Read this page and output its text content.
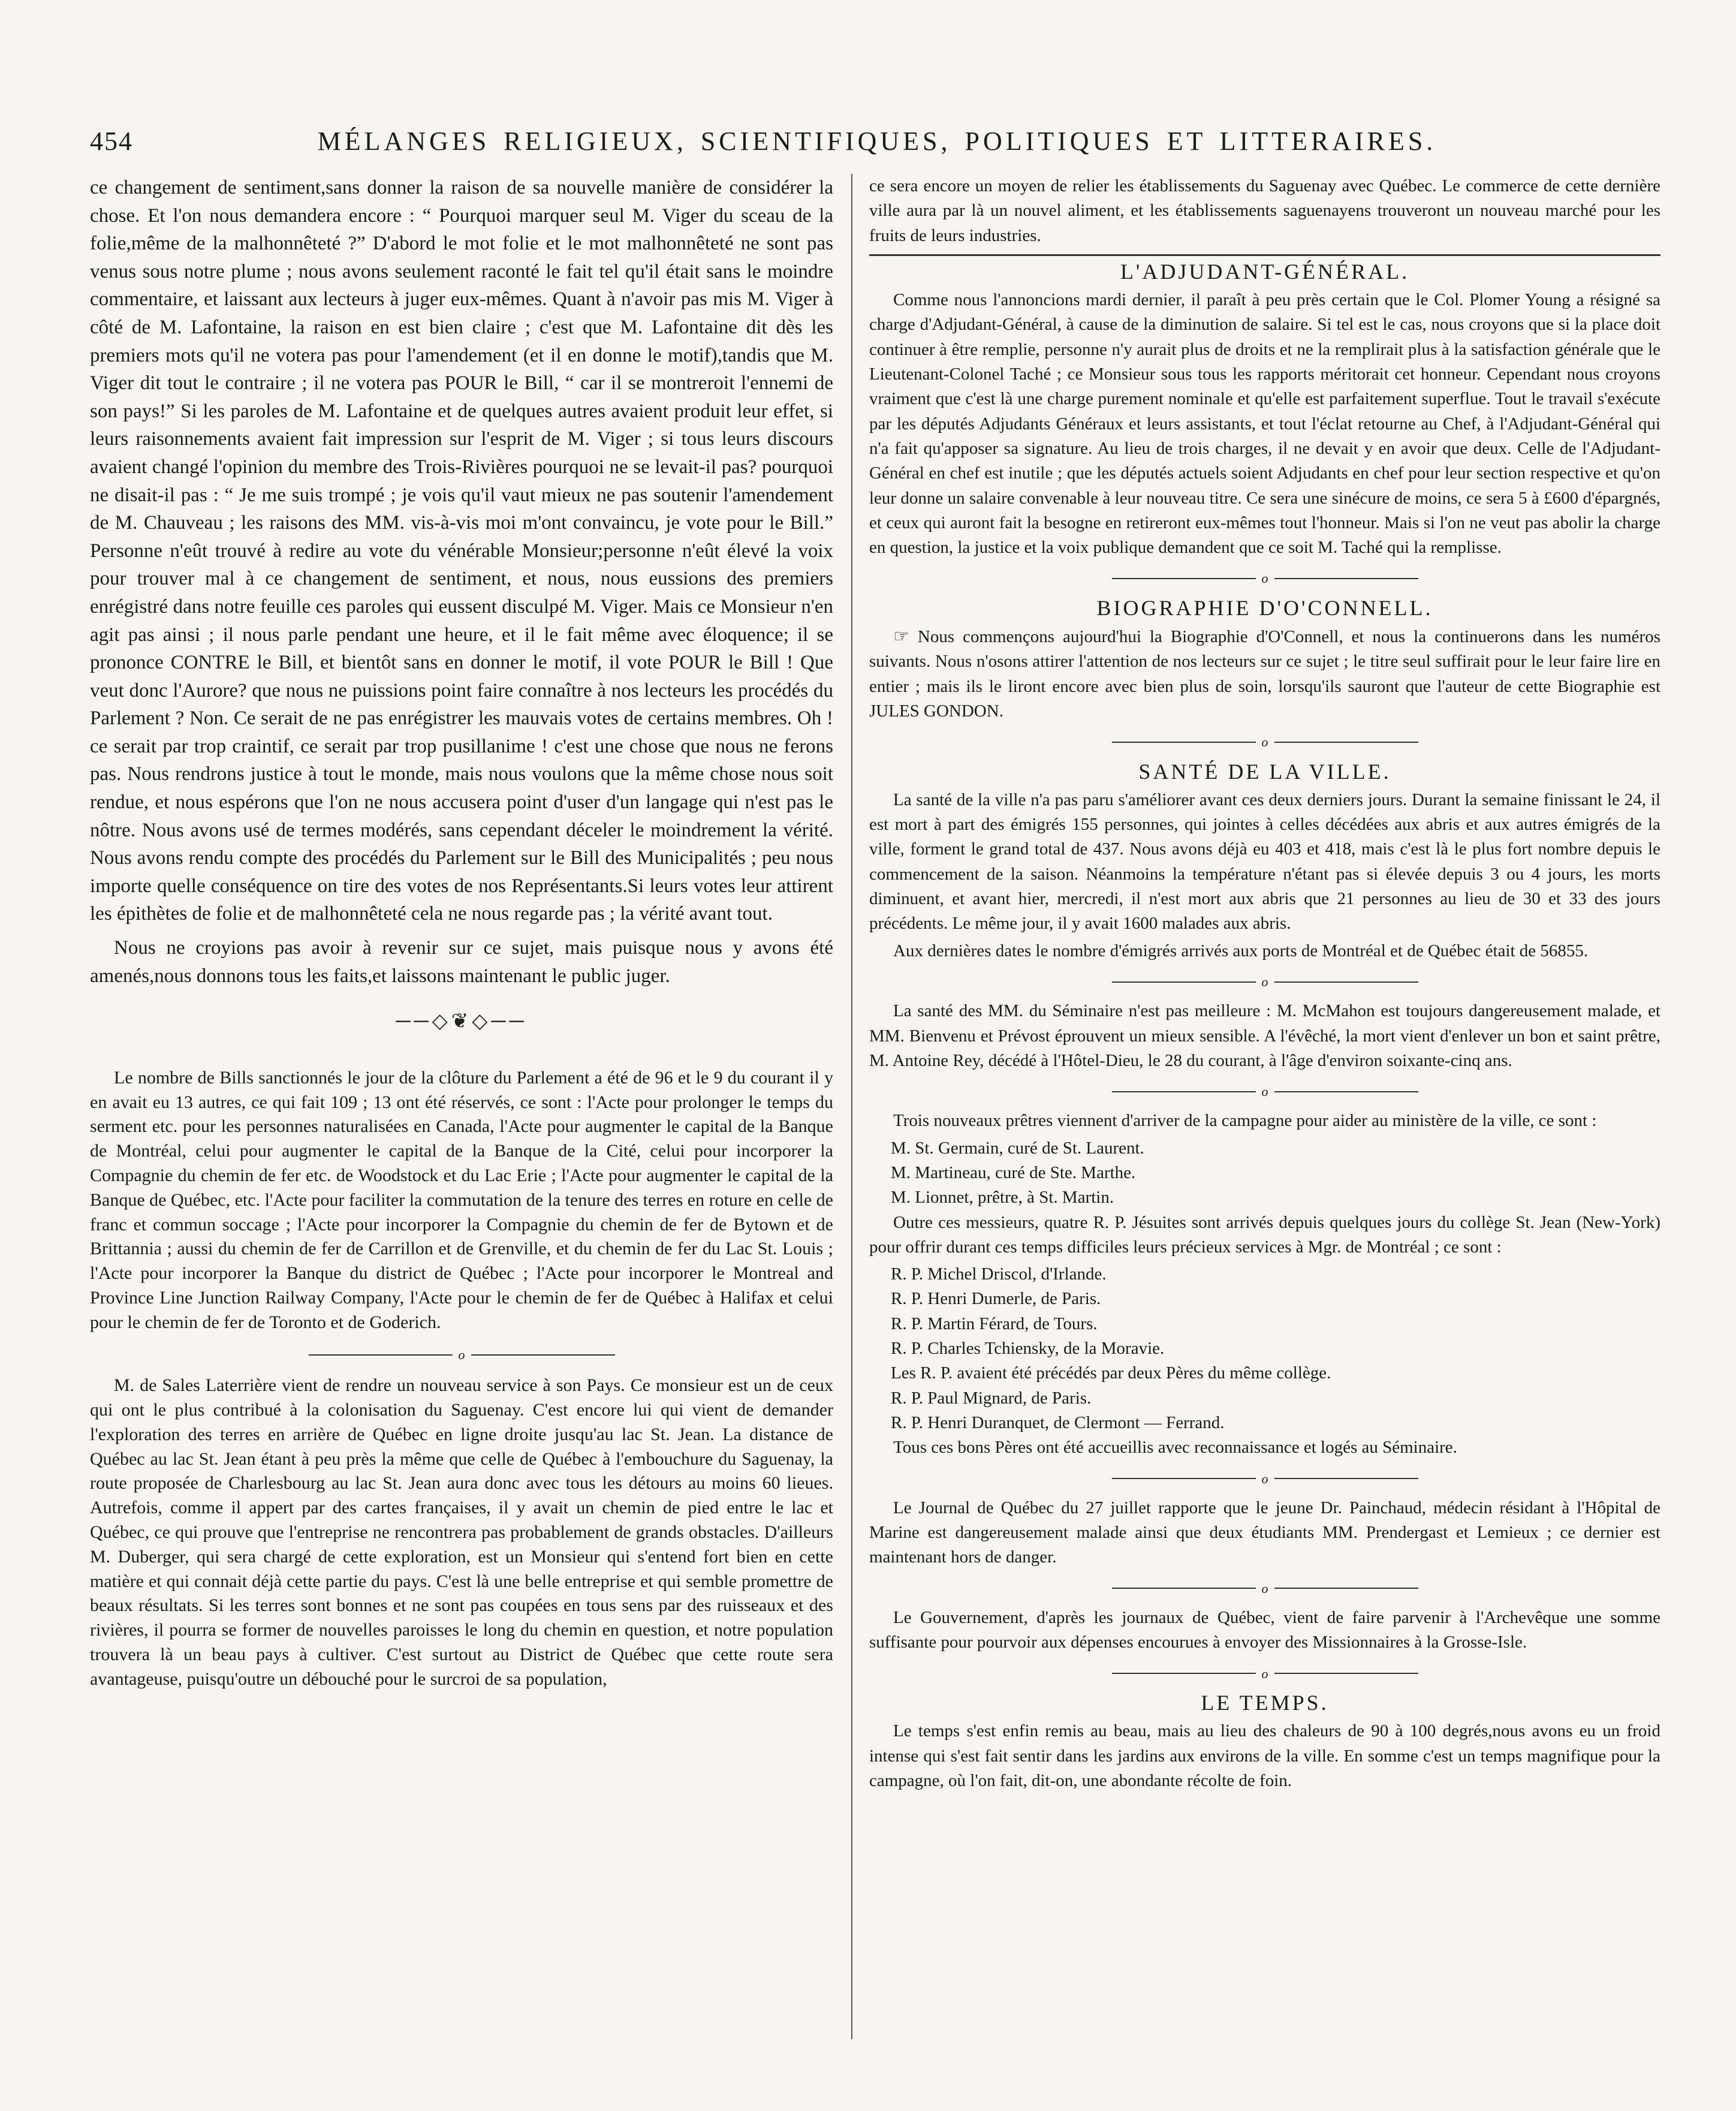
454	MÉLANGES RELIGIEUX, SCIENTIFIQUES, POLITIQUES ET LITTERAIRES.

ce changement de sentiment,sans donner la raison de sa nouvelle manière de considérer la chose. Et l'on nous demandera encore : “ Pourquoi marquer seul M. Viger du sceau de la folie,même de la malhonnêteté ?” D'abord le mot folie et le mot malhonnêteté ne sont pas venus sous notre plume ; nous avons seulement raconté le fait tel qu'il était sans le moindre commentaire, et laissant aux lecteurs à juger eux-mêmes. Quant à n'avoir pas mis M. Viger à côté de M. Lafontaine, la raison en est bien claire ; c'est que M. Lafontaine dit dès les premiers mots qu'il ne votera pas pour l'amendement (et il en donne le motif),tandis que M. Viger dit tout le contraire ; il ne votera pas POUR le Bill, “ car il se montreroit l'ennemi de son pays!” Si les paroles de M. Lafontaine et de quelques autres avaient produit leur effet, si leurs raisonnements avaient fait impression sur l'esprit de M. Viger ; si tous leurs discours avaient changé l'opinion du membre des Trois-Rivières pourquoi ne se levait-il pas? pourquoi ne disait-il pas : “ Je me suis trompé ; je vois qu'il vaut mieux ne pas soutenir l'amendement de M. Chauveau ; les raisons des MM. vis-à-vis moi m'ont convaincu, je vote pour le Bill.” Personne n'eût trouvé à redire au vote du vénérable Monsieur;personne n'eût élevé la voix pour trouver mal à ce changement de sentiment, et nous, nous eussions des premiers enrégistré dans notre feuille ces paroles qui eussent disculpé M. Viger. Mais ce Monsieur n'en agit pas ainsi ; il nous parle pendant une heure, et il le fait même avec éloquence; il se prononce CONTRE le Bill, et bientôt sans en donner le motif, il vote POUR le Bill ! Que veut donc l'Aurore? que nous ne puissions point faire connaître à nos lecteurs les procédés du Parlement ? Non. Ce serait de ne pas enrégistrer les mauvais votes de certains membres. Oh ! ce serait par trop craintif, ce serait par trop pusillanime ! c'est une chose que nous ne ferons pas. Nous rendrons justice à tout le monde, mais nous voulons que la même chose nous soit rendue, et nous espérons que l'on ne nous accusera point d'user d'un langage qui n'est pas le nôtre. Nous avons usé de termes modérés, sans cependant déceler le moindrement la vérité. Nous avons rendu compte des procédés du Parlement sur le Bill des Municipalités ; peu nous importe quelle conséquence on tire des votes de nos Représentants.Si leurs votes leur attirent les épithètes de folie et de malhonnêteté cela ne nous regarde pas ; la vérité avant tout.

Nous ne croyions pas avoir à revenir sur ce sujet, mais puisque nous y avons été amenés,nous donnons tous les faits,et laissons maintenant le public juger.

──◇❦◇──

Le nombre de Bills sanctionnés le jour de la clôture du Parlement a été de 96 et le 9 du courant il y en avait eu 13 autres, ce qui fait 109 ; 13 ont été réservés, ce sont : l'Acte pour prolonger le temps du serment etc. pour les personnes naturalisées en Canada, l'Acte pour augmenter le capital de la Banque de Montréal, celui pour augmenter le capital de la Banque de la Cité, celui pour incorporer la Compagnie du chemin de fer etc. de Woodstock et du Lac Erie ; l'Acte pour augmenter le capital de la Banque de Québec, etc. l'Acte pour faciliter la commutation de la tenure des terres en roture en celle de franc et commun soccage ; l'Acte pour incorporer la Compagnie du chemin de fer de Bytown et de Brittannia ; aussi du chemin de fer de Carrillon et de Grenville, et du chemin de fer du Lac St. Louis ; l'Acte pour incorporer la Banque du district de Québec ; l'Acte pour incorporer le Montreal and Province Line Junction Railway Company, l'Acte pour le chemin de fer de Québec à Halifax et celui pour le chemin de fer de Toronto et de Goderich.

o

M. de Sales Laterrière vient de rendre un nouveau service à son Pays. Ce monsieur est un de ceux qui ont le plus contribué à la colonisation du Saguenay. C'est encore lui qui vient de demander l'exploration des terres en arrière de Québec en ligne droite jusqu'au lac St. Jean. La distance de Québec au lac St. Jean étant à peu près la même que celle de Québec à l'embouchure du Saguenay, la route proposée de Charlesbourg au lac St. Jean aura donc avec tous les détours au moins 60 lieues. Autrefois, comme il appert par des cartes françaises, il y avait un chemin de pied entre le lac et Québec, ce qui prouve que l'entreprise ne rencontrera pas probablement de grands obstacles. D'ailleurs M. Duberger, qui sera chargé de cette exploration, est un Monsieur qui s'entend fort bien en cette matière et qui connait déjà cette partie du pays. C'est là une belle entreprise et qui semble promettre de beaux résultats. Si les terres sont bonnes et ne sont pas coupées en tous sens par des ruisseaux et des rivières, il pourra se former de nouvelles paroisses le long du chemin en question, et notre population trouvera là un beau pays à cultiver. C'est surtout au District de Québec que cette route sera avantageuse, puisqu'outre un débouché pour le surcroi de sa population,

ce sera encore un moyen de relier les établissements du Saguenay avec Québec. Le commerce de cette dernière ville aura par là un nouvel aliment, et les établissements saguenayens trouveront un nouveau marché pour les fruits de leurs industries.

L'ADJUDANT-GÉNÉRAL.

Comme nous l'annoncions mardi dernier, il paraît à peu près certain que le Col. Plomer Young a résigné sa charge d'Adjudant-Général, à cause de la diminution de salaire. Si tel est le cas, nous croyons que si la place doit continuer à être remplie, personne n'y aurait plus de droits et ne la remplirait plus à la satisfaction générale que le Lieutenant-Colonel Taché ; ce Monsieur sous tous les rapports méritorait cet honneur. Cependant nous croyons vraiment que c'est là une charge purement nominale et qu'elle est parfaitement superflue. Tout le travail s'exécute par les députés Adjudants Généraux et leurs assistants, et tout l'éclat retourne au Chef, à l'Adjudant-Général qui n'a fait qu'apposer sa signature. Au lieu de trois charges, il ne devait y en avoir que deux. Celle de l'Adjudant-Général en chef est inutile ; que les députés actuels soient Adjudants en chef pour leur section respective et qu'on leur donne un salaire convenable à leur nouveau titre. Ce sera une sinécure de moins, ce sera 5 à £600 d'épargnés, et ceux qui auront fait la besogne en retireront eux-mêmes tout l'honneur. Mais si l'on ne veut pas abolir la charge en question, la justice et la voix publique demandent que ce soit M. Taché qui la remplisse.

o
BIOGRAPHIE D'O'CONNELL.

☞ Nous commençons aujourd'hui la Biographie d'O'Connell, et nous la continuerons dans les numéros suivants. Nous n'osons attirer l'attention de nos lecteurs sur ce sujet ; le titre seul suffirait pour le leur faire lire en entier ; mais ils le liront encore avec bien plus de soin, lorsqu'ils sauront que l'auteur de cette Biographie est JULES GONDON.

o
SANTÉ DE LA VILLE.

La santé de la ville n'a pas paru s'améliorer avant ces deux derniers jours. Durant la semaine finissant le 24, il est mort à part des émigrés 155 personnes, qui jointes à celles décédées aux abris et aux autres émigrés de la ville, forment le grand total de 437. Nous avons déjà eu 403 et 418, mais c'est là le plus fort nombre depuis le commencement de la saison. Néanmoins la température n'étant pas si élevée depuis 3 ou 4 jours, les morts diminuent, et avant hier, mercredi, il n'est mort aux abris que 21 personnes au lieu de 30 et 33 des jours précédents. Le même jour, il y avait 1600 malades aux abris.

Aux dernières dates le nombre d'émigrés arrivés aux ports de Montréal et de Québec était de 56855.

o

La santé des MM. du Séminaire n'est pas meilleure : M. McMahon est toujours dangereusement malade, et MM. Bienvenu et Prévost éprouvent un mieux sensible. A l'évêché, la mort vient d'enlever un bon et saint prêtre, M. Antoine Rey, décédé à l'Hôtel-Dieu, le 28 du courant, à l'âge d'environ soixante-cinq ans.

o

Trois nouveaux prêtres viennent d'arriver de la campagne pour aider au ministère de la ville, ce sont :

M. St. Germain, curé de St. Laurent.

M. Martineau, curé de Ste. Marthe.

M. Lionnet, prêtre, à St. Martin.

Outre ces messieurs, quatre R. P. Jésuites sont arrivés depuis quelques jours du collège St. Jean (New-York) pour offrir durant ces temps difficiles leurs précieux services à Mgr. de Montréal ; ce sont :

R. P. Michel Driscol, d'Irlande.

R. P. Henri Dumerle, de Paris.

R. P. Martin Férard, de Tours.

R. P. Charles Tchiensky, de la Moravie.

Les R. P. avaient été précédés par deux Pères du même collège.

R. P. Paul Mignard, de Paris.

R. P. Henri Duranquet, de Clermont — Ferrand.

Tous ces bons Pères ont été accueillis avec reconnaissance et logés au Séminaire.

o

Le Journal de Québec du 27 juillet rapporte que le jeune Dr. Painchaud, médecin résidant à l'Hôpital de Marine est dangereusement malade ainsi que deux étudiants MM. Prendergast et Lemieux ; ce dernier est maintenant hors de danger.

o

Le Gouvernement, d'après les journaux de Québec, vient de faire parvenir à l'Archevêque une somme suffisante pour pourvoir aux dépenses encourues à envoyer des Missionnaires à la Grosse-Isle.

o
LE TEMPS.

Le temps s'est enfin remis au beau, mais au lieu des chaleurs de 90 à 100 degrés,nous avons eu un froid intense qui s'est fait sentir dans les jardins aux environs de la ville. En somme c'est un temps magnifique pour la campagne, où l'on fait, dit-on, une abondante récolte de foin.
